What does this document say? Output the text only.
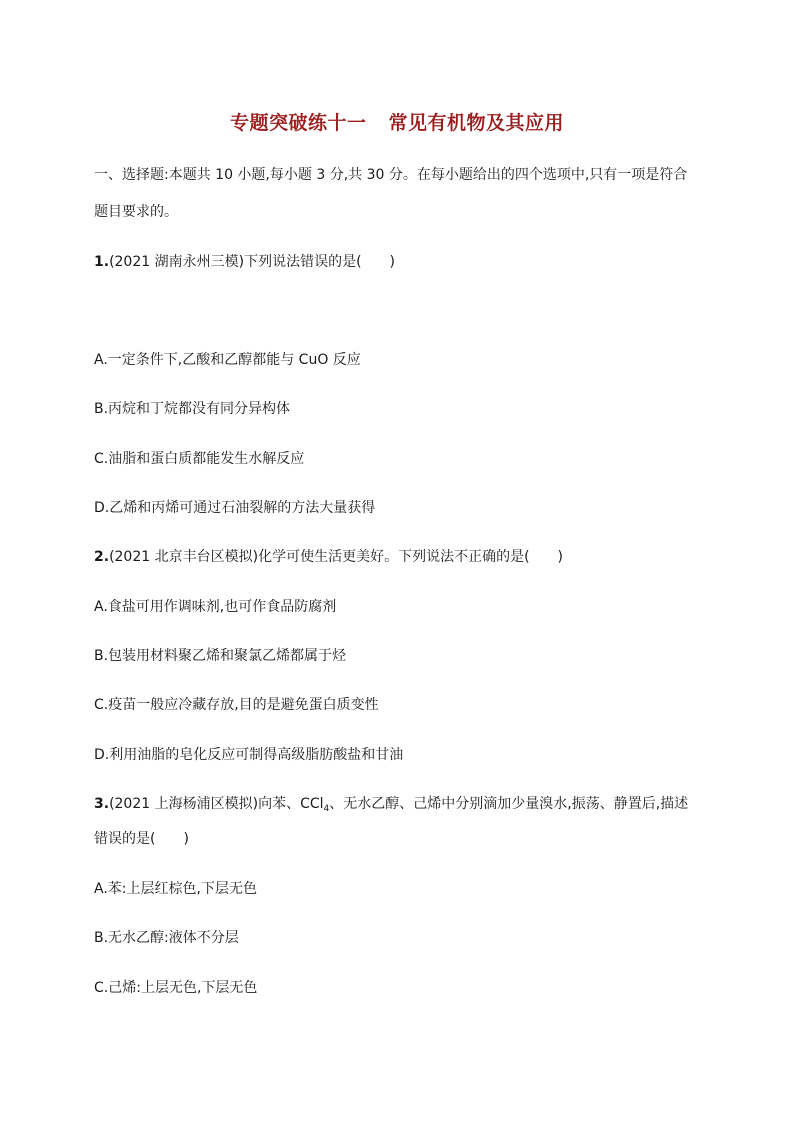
专题突破练十一 常见有机物及其应用
一、选择题:本题共 10 小题,每小题 3 分,共 30 分。在每小题给出的四个选项中,只有一项是符合
题目要求的。
1.(2021 湖南永州三模)下列说法错误的是(　　)
A.一定条件下,乙酸和乙醇都能与 CuO 反应
B.丙烷和丁烷都没有同分异构体
C.油脂和蛋白质都能发生水解反应
D.乙烯和丙烯可通过石油裂解的方法大量获得
2.(2021 北京丰台区模拟)化学可使生活更美好。下列说法不正确的是(　　)
A.食盐可用作调味剂,也可作食品防腐剂
B.包装用材料聚乙烯和聚氯乙烯都属于烃
C.疫苗一般应冷藏存放,目的是避免蛋白质变性
D.利用油脂的皂化反应可制得高级脂肪酸盐和甘油
3.(2021 上海杨浦区模拟)向苯、CCl$_4$、无水乙醇、己烯中分别滴加少量溴水,振荡、静置后,描述
错误的是(　　)
A.苯:上层红棕色,下层无色
B.无水乙醇:液体不分层
C.己烯:上层无色,下层无色
